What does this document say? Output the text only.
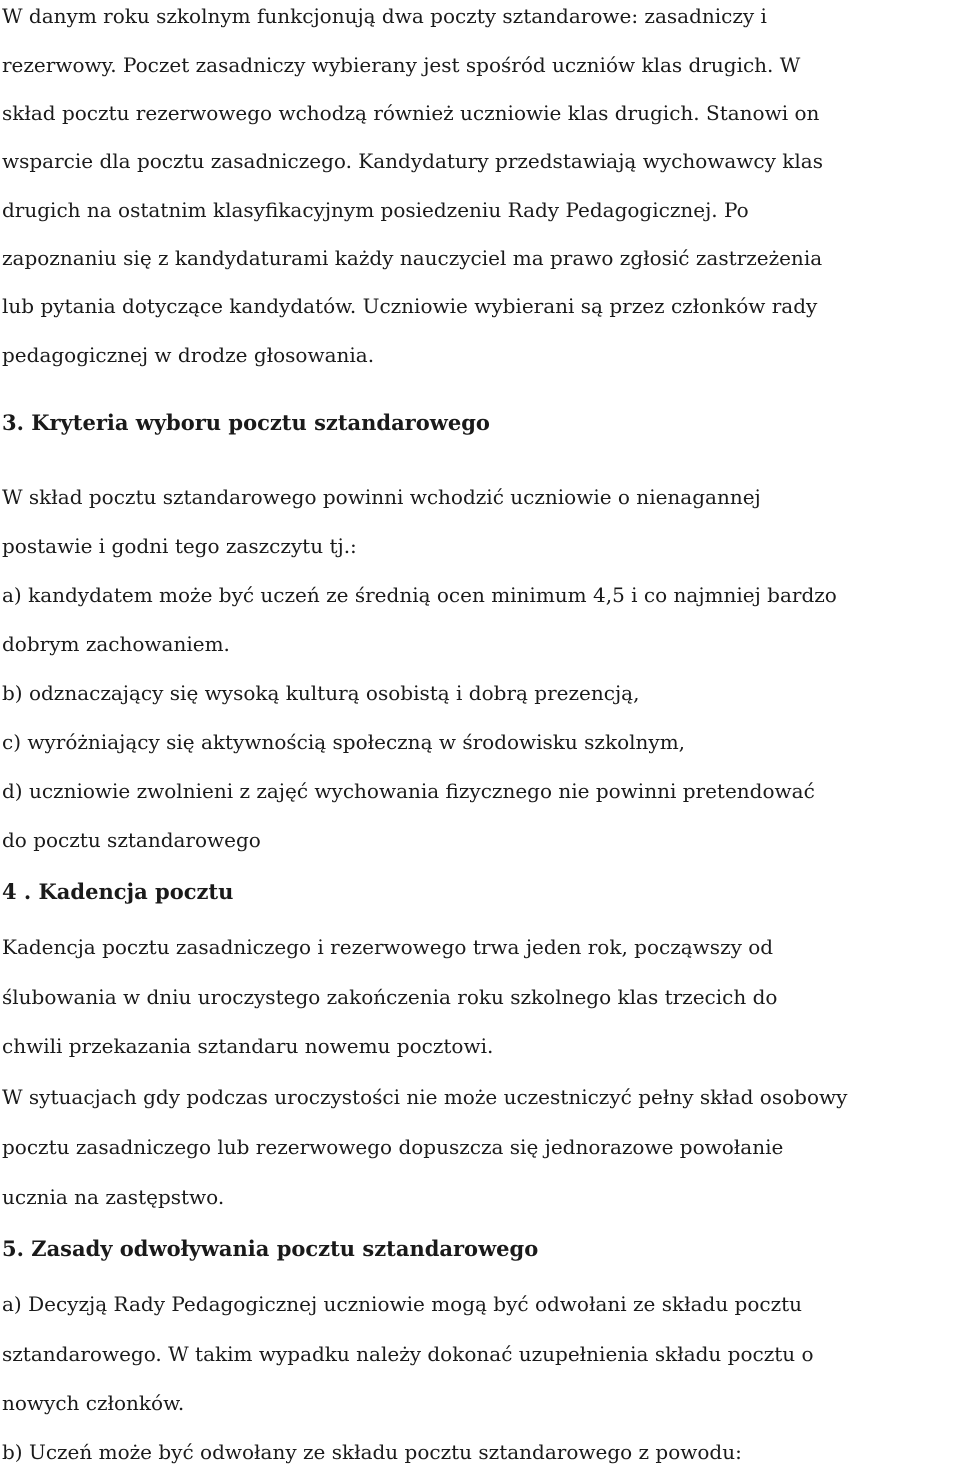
W danym roku szkolnym funkcjonują dwa poczty sztandarowe: zasadniczy i
rezerwowy. Poczet zasadniczy wybierany jest spośród uczniów klas drugich. W
skład pocztu rezerwowego wchodzą również uczniowie klas drugich. Stanowi on
wsparcie dla pocztu zasadniczego. Kandydatury przedstawiają wychowawcy klas
drugich na ostatnim klasyfikacyjnym posiedzeniu Rady Pedagogicznej. Po
zapoznaniu się z kandydaturami każdy nauczyciel ma prawo zgłosić zastrzeżenia
lub pytania dotyczące kandydatów. Uczniowie wybierani są przez członków rady
pedagogicznej w drodze głosowania.
3. Kryteria wyboru pocztu sztandarowego
W skład pocztu sztandarowego powinni wchodzić uczniowie o nienagannej
postawie i godni tego zaszczytu tj.:
a) kandydatem może być uczeń ze średnią ocen minimum 4,5 i co najmniej bardzo
dobrym zachowaniem.
b) odznaczający się wysoką kulturą osobistą i dobrą prezencją,
c) wyróżniający się aktywnością społeczną w środowisku szkolnym,
d) uczniowie zwolnieni z zajęć wychowania fizycznego nie powinni pretendować
do pocztu sztandarowego
4 . Kadencja pocztu
Kadencja pocztu zasadniczego i rezerwowego trwa jeden rok, począwszy od
ślubowania w dniu uroczystego zakończenia roku szkolnego klas trzecich do
chwili przekazania sztandaru nowemu pocztowi.
W sytuacjach gdy podczas uroczystości nie może uczestniczyć pełny skład osobowy
pocztu zasadniczego lub rezerwowego dopuszcza się jednorazowe powołanie
ucznia na zastępstwo.
5. Zasady odwoływania pocztu sztandarowego
a) Decyzją Rady Pedagogicznej uczniowie mogą być odwołani ze składu pocztu
sztandarowego. W takim wypadku należy dokonać uzupełnienia składu pocztu o
nowych członków.
b) Uczeń może być odwołany ze składu pocztu sztandarowego z powodu:
